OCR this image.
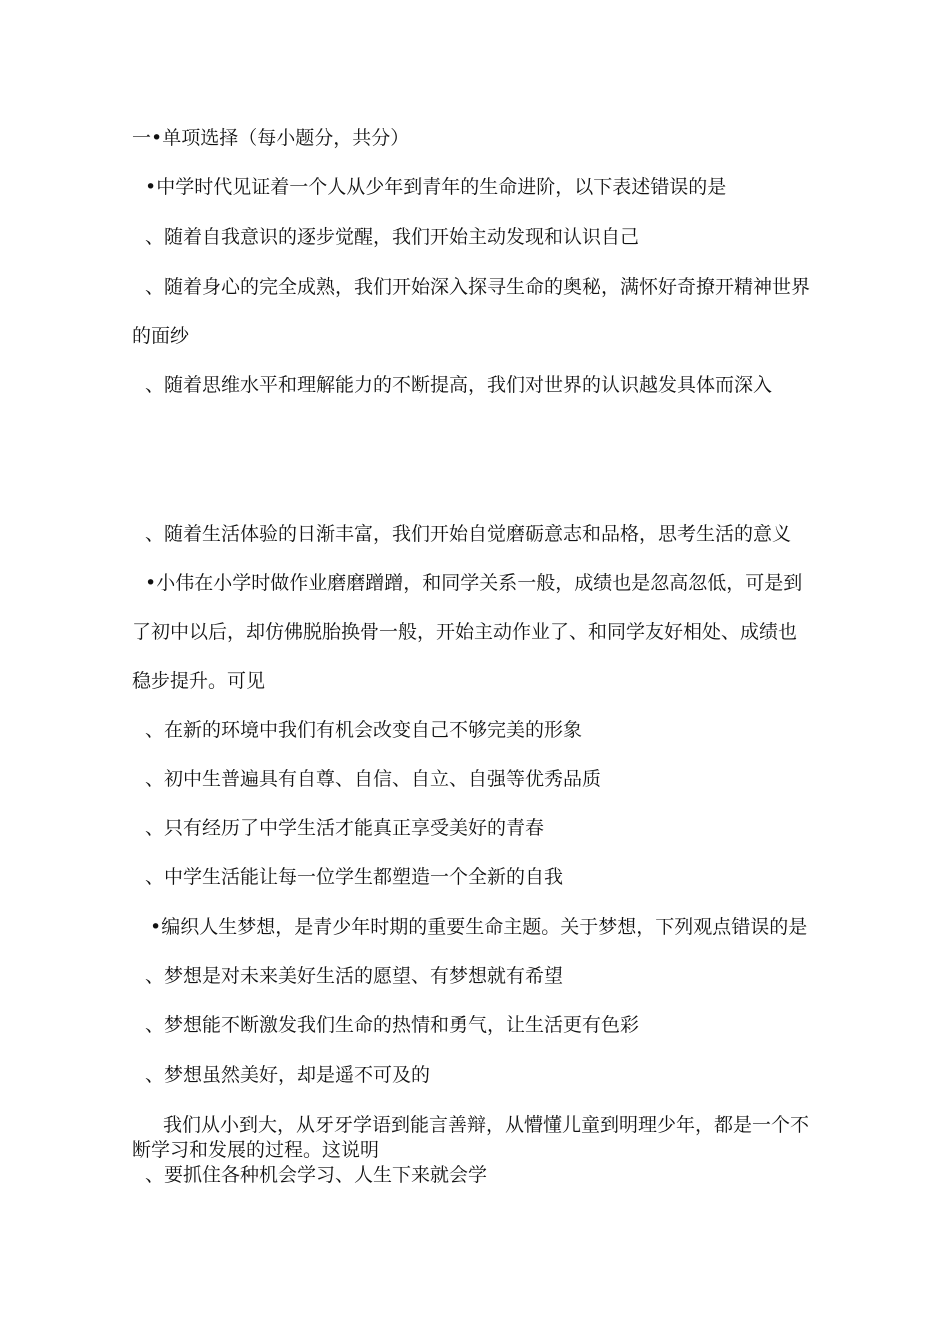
一•单项选择（每小题分，共分）
•中学时代见证着一个人从少年到青年的生命进阶，以下表述错误的是
、随着自我意识的逐步觉醒，我们开始主动发现和认识自己
、随着身心的完全成熟，我们开始深入探寻生命的奥秘，满怀好奇撩开精神世界
的面纱
、随着思维水平和理解能力的不断提高，我们对世界的认识越发具体而深入
、随着生活体验的日渐丰富，我们开始自觉磨砺意志和品格，思考生活的意义
•小伟在小学时做作业磨磨蹭蹭，和同学关系一般，成绩也是忽高忽低，可是到
了初中以后，却仿佛脱胎换骨一般，开始主动作业了、和同学友好相处、成绩也
稳步提升。可见
、在新的环境中我们有机会改变自己不够完美的形象
、初中生普遍具有自尊、自信、自立、自强等优秀品质
、只有经历了中学生活才能真正享受美好的青春
、中学生活能让每一位学生都塑造一个全新的自我
•编织人生梦想，是青少年时期的重要生命主题。关于梦想，下列观点错误的是
、梦想是对未来美好生活的愿望、有梦想就有希望
、梦想能不断激发我们生命的热情和勇气，让生活更有色彩
、梦想虽然美好，却是遥不可及的
我们从小到大，从牙牙学语到能言善辩，从懵懂儿童到明理少年，都是一个不
断学习和发展的过程。这说明
、要抓住各种机会学习、人生下来就会学
